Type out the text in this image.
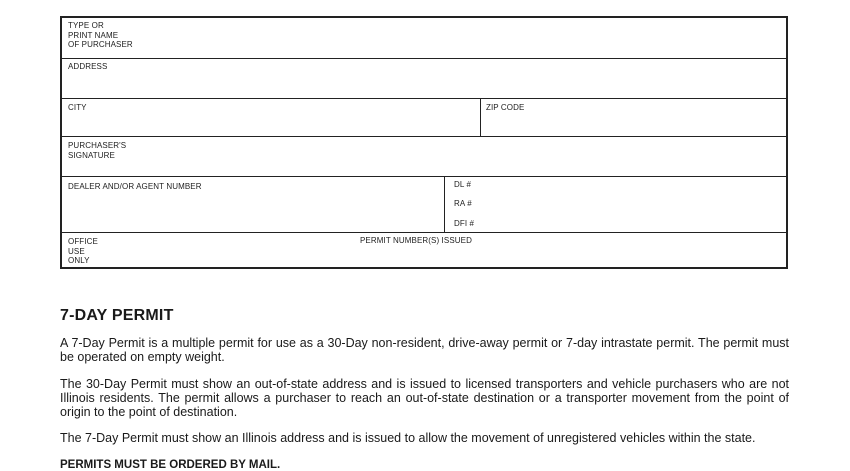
TYPE OR
PRINT NAME
OF PURCHASER
ADDRESS
CITY	ZIP CODE
PURCHASER'S
SIGNATURE
DEALER AND/OR AGENT NUMBER	DL #
RA #
DFI #
OFFICE
USE
ONLY
PERMIT NUMBER(S) ISSUED
7-DAY PERMIT

A 7-Day Permit is a multiple permit for use as a 30-Day non-resident, drive-away permit or 7-day intrastate permit. The permit must be operated on empty weight.

The 30-Day Permit must show an out-of-state address and is issued to licensed transporters and vehicle purchasers who are not Illinois residents. The permit allows a purchaser to reach an out-of-state destination or a transporter movement from the point of origin to the point of destination.

The 7-Day Permit must show an Illinois address and is issued to allow the movement of unregistered vehicles within the state.

PERMITS MUST BE ORDERED BY MAIL.
